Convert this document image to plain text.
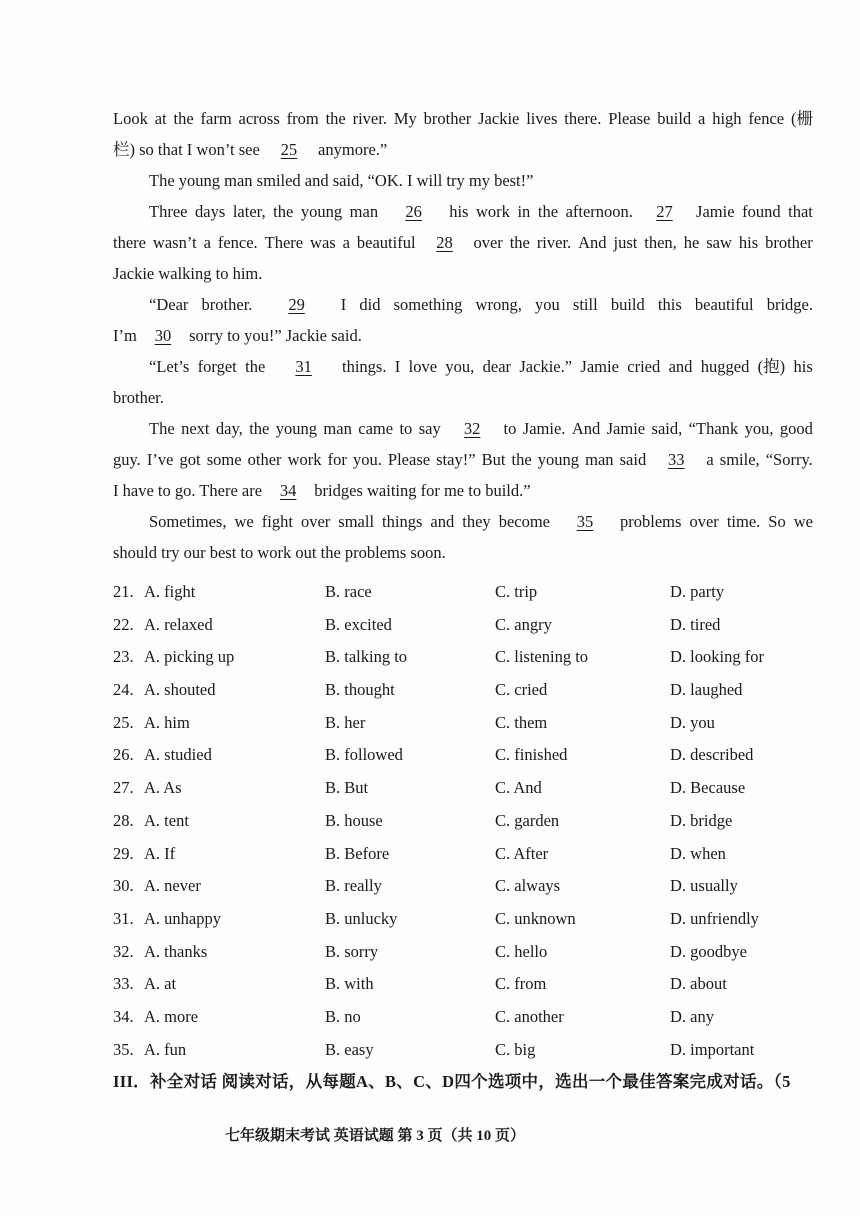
Look at the farm across from the river. My brother Jackie lives there. Please build a high fence (栅
栏) so that I won’t see	25	anymore.”
The young man smiled and said, “OK. I will try my best!”
Three days later, the young man	26	his work in the afternoon.	27	Jamie found that
there wasn’t a fence. There was a beautiful	28	over the river. And just then, he saw his brother
Jackie walking to him.
“Dear brother.	29	I did something wrong, you still build this beautiful bridge.
I’m 30 sorry to you!” Jackie said.
“Let’s forget the	31	things. I love you, dear Jackie.” Jamie cried and hugged (抱) his
brother.
The next day, the young man came to say	32	to Jamie. And Jamie said, “Thank you, good
guy. I’ve got some other work for you. Please stay!” But the young man said	33	a smile, “Sorry.
I have to go. There are 34 bridges waiting for me to build.”
Sometimes, we fight over small things and they become	35	problems over time. So we
should try our best to work out the problems soon.
21. A. fight	B. race	C. trip	D. party
22. A. relaxed	B. excited	C. angry	D. tired
23. A. picking up	B. talking to	C. listening to	D. looking for
24. A. shouted	B. thought	C. cried	D. laughed
25. A. him	B. her	C. them	D. you
26. A. studied	B. followed	C. finished	D. described
27. A. As	B. But	C. And	D. Because
28. A. tent	B. house	C. garden	D. bridge
29. A. If	B. Before	C. After	D. when
30. A. never	B. really	C. always	D. usually
31. A. unhappy	B. unlucky	C. unknown	D. unfriendly
32. A. thanks	B. sorry	C. hello	D. goodbye
33. A. at	B. with	C. from	D. about
34. A. more	B. no	C. another	D. any
35. A. fun	B. easy	C. big	D. important
III．补全对话 阅读对话，从每题A、B、C、D四个选项中，选出一个最佳答案完成对话。（5
七年级期末考试 英语试题 第 3 页（共 10 页）
